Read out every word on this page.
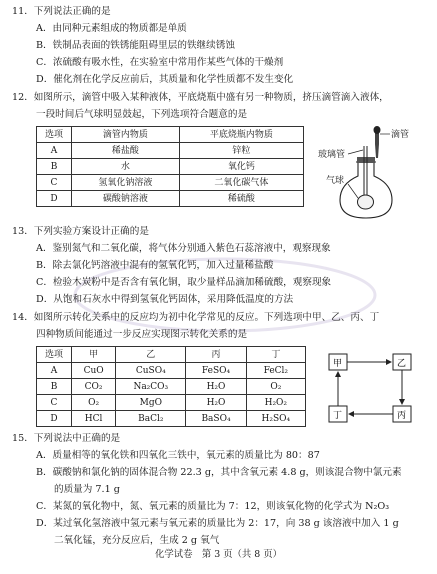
11．下列说法正确的是
A．由同种元素组成的物质都是单质
B．铁制品表面的铁锈能阻碍里层的铁继续锈蚀
C．浓硫酸有吸水性，在实验室中常用作某些气体的干燥剂
D．催化剂在化学反应前后，其质量和化学性质都不发生变化
12．如图所示，滴管中吸入某种液体，平底烧瓶中盛有另一种物质，挤压滴管滴入液体，
一段时间后气球明显鼓起，下列选项符合题意的是
选项	滴管内物质	平底烧瓶内物质
A	稀盐酸	锌粒
B	水	氧化钙
C	氢氧化钠溶液	二氧化碳气体
D	碳酸钠溶液	稀硫酸
玻璃管
滴管
气球
13．下列实验方案设计正确的是
A．鉴别氮气和二氧化碳，将气体分别通入紫色石蕊溶液中，观察现象
B．除去氯化钙溶液中混有的氢氧化钙，加入过量稀盐酸
C．检验木炭粉中是否含有氧化铜，取少量样品滴加稀硫酸，观察现象
D．从饱和石灰水中得到氢氧化钙固体，采用降低温度的方法
14．如图所示转化关系中的反应均为初中化学常见的反应。下列选项中甲、乙、丙、丁
四种物质间能通过一步反应实现图示转化关系的是
选项	甲	乙	丙	丁
A	CuO	CuSO₄	FeSO₄	FeCl₂
B	CO₂	Na₂CO₃	H₂O	O₂
C	O₂	MgO	H₂O	H₂O₂
D	HCl	BaCl₂	BaSO₄	H₂SO₄
甲	乙
丁	丙
15．下列说法中正确的是
A．质量相等的氧化铁和四氧化三铁中，氧元素的质量比为 80：87
B．碳酸钠和氯化钠的固体混合物 22.3 g，其中含氧元素 4.8 g，则该混合物中氯元素
的质量为 7.1 g
C．某氮的氧化物中，氮、氧元素的质量比为 7：12，则该氧化物的化学式为 N₂O₃
D．某过氧化氢溶液中氢元素与氧元素的质量比为 2：17，向 38 g 该溶液中加入 1 g
二氧化锰，充分反应后，生成 2 g 氧气
化学试卷　第 3 页（共 8 页）
